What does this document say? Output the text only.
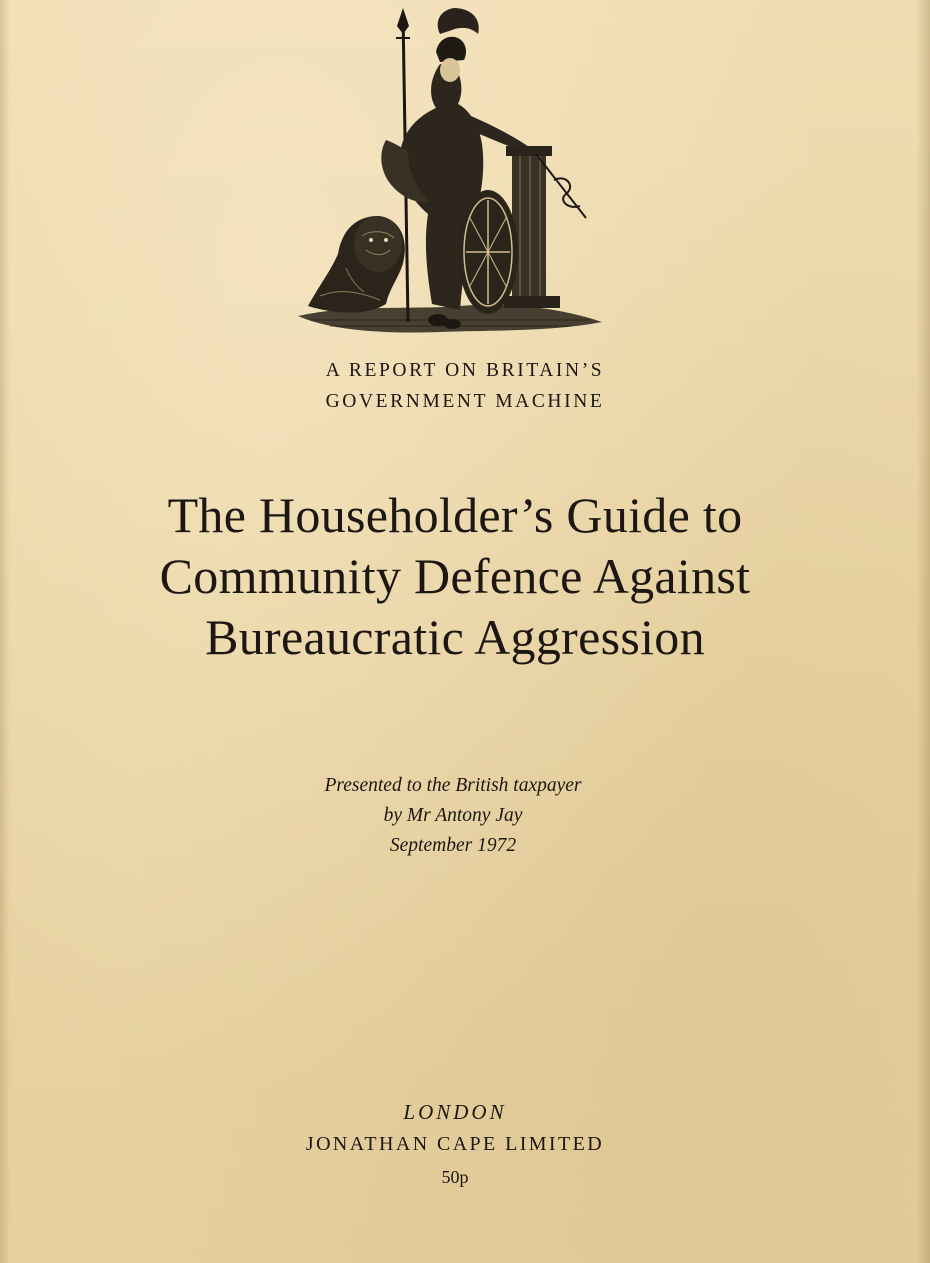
A REPORT ON BRITAIN’S
GOVERNMENT MACHINE
The Householder’s Guide to
Community Defence Against
Bureaucratic Aggression
Presented to the British taxpayer
by Mr Antony Jay
September 1972
LONDON
JONATHAN CAPE LIMITED
50p
